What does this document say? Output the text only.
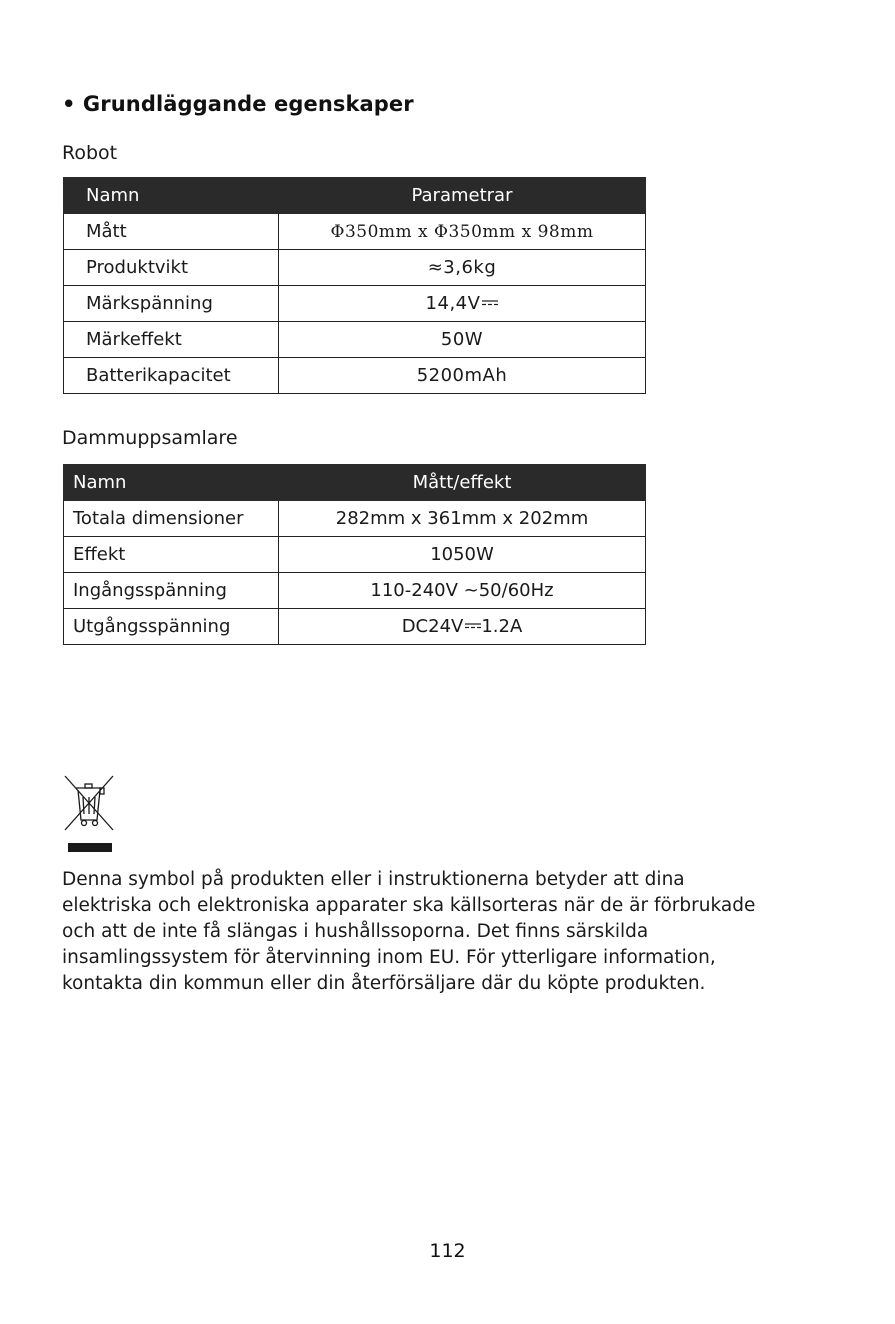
• Grundläggande egenskaper
Robot
Namn	Parametrar
Mått	Φ350mm x Φ350mm x 98mm
Produktvikt	≈3,6kg
Märkspänning	14,4V
Märkeffekt	50W
Batterikapacitet	5200mAh
Dammuppsamlare
Namn	Mått/effekt
Totala dimensioner	282mm x 361mm x 202mm
Effekt	1050W
Ingångsspänning	110-240V ~50/60Hz
Utgångsspänning	DC24V 1.2A
Denna symbol på produkten eller i instruktionerna betyder att dina
elektriska och elektroniska apparater ska källsorteras när de är förbrukade
och att de inte få slängas i hushållssoporna. Det finns särskilda
insamlingssystem för återvinning inom EU. För ytterligare information,
kontakta din kommun eller din återförsäljare där du köpte produkten.
112
